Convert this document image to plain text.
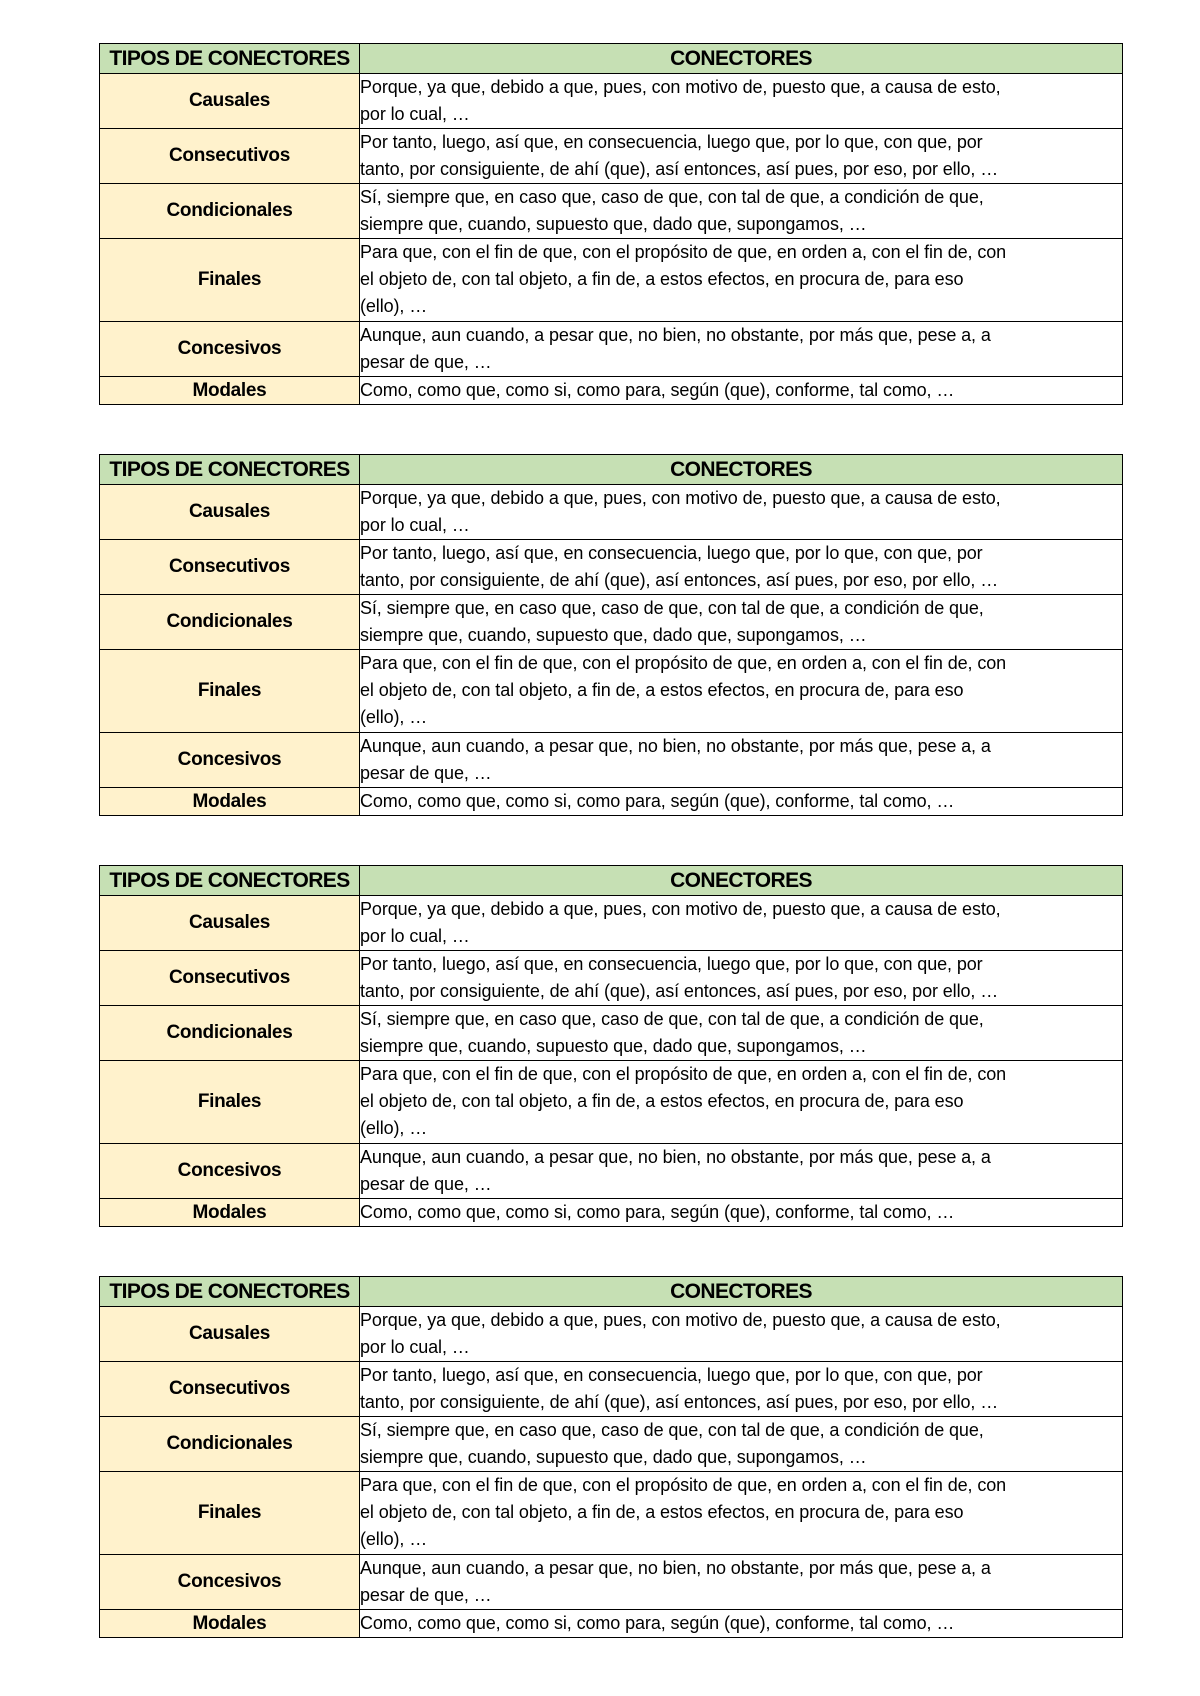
TIPOS DE CONECTORES	CONECTORES
Causales	Porque, ya que, debido a que, pues, con motivo de, puesto que, a causa de esto,
por lo cual, …
Consecutivos	Por tanto, luego, así que, en consecuencia, luego que, por lo que, con que, por
tanto, por consiguiente, de ahí (que), así entonces, así pues, por eso, por ello, …
Condicionales	Sí, siempre que, en caso que, caso de que, con tal de que, a condición de que,
siempre que, cuando, supuesto que, dado que, supongamos, …
Finales	Para que, con el fin de que, con el propósito de que, en orden a, con el fin de, con
el objeto de, con tal objeto, a fin de, a estos efectos, en procura de, para eso
(ello), …
Concesivos	Aunque, aun cuando, a pesar que, no bien, no obstante, por más que, pese a, a
pesar de que, …
Modales	Como, como que, como si, como para, según (que), conforme, tal como, …
TIPOS DE CONECTORES	CONECTORES
Causales	Porque, ya que, debido a que, pues, con motivo de, puesto que, a causa de esto,
por lo cual, …
Consecutivos	Por tanto, luego, así que, en consecuencia, luego que, por lo que, con que, por
tanto, por consiguiente, de ahí (que), así entonces, así pues, por eso, por ello, …
Condicionales	Sí, siempre que, en caso que, caso de que, con tal de que, a condición de que,
siempre que, cuando, supuesto que, dado que, supongamos, …
Finales	Para que, con el fin de que, con el propósito de que, en orden a, con el fin de, con
el objeto de, con tal objeto, a fin de, a estos efectos, en procura de, para eso
(ello), …
Concesivos	Aunque, aun cuando, a pesar que, no bien, no obstante, por más que, pese a, a
pesar de que, …
Modales	Como, como que, como si, como para, según (que), conforme, tal como, …
TIPOS DE CONECTORES	CONECTORES
Causales	Porque, ya que, debido a que, pues, con motivo de, puesto que, a causa de esto,
por lo cual, …
Consecutivos	Por tanto, luego, así que, en consecuencia, luego que, por lo que, con que, por
tanto, por consiguiente, de ahí (que), así entonces, así pues, por eso, por ello, …
Condicionales	Sí, siempre que, en caso que, caso de que, con tal de que, a condición de que,
siempre que, cuando, supuesto que, dado que, supongamos, …
Finales	Para que, con el fin de que, con el propósito de que, en orden a, con el fin de, con
el objeto de, con tal objeto, a fin de, a estos efectos, en procura de, para eso
(ello), …
Concesivos	Aunque, aun cuando, a pesar que, no bien, no obstante, por más que, pese a, a
pesar de que, …
Modales	Como, como que, como si, como para, según (que), conforme, tal como, …
TIPOS DE CONECTORES	CONECTORES
Causales	Porque, ya que, debido a que, pues, con motivo de, puesto que, a causa de esto,
por lo cual, …
Consecutivos	Por tanto, luego, así que, en consecuencia, luego que, por lo que, con que, por
tanto, por consiguiente, de ahí (que), así entonces, así pues, por eso, por ello, …
Condicionales	Sí, siempre que, en caso que, caso de que, con tal de que, a condición de que,
siempre que, cuando, supuesto que, dado que, supongamos, …
Finales	Para que, con el fin de que, con el propósito de que, en orden a, con el fin de, con
el objeto de, con tal objeto, a fin de, a estos efectos, en procura de, para eso
(ello), …
Concesivos	Aunque, aun cuando, a pesar que, no bien, no obstante, por más que, pese a, a
pesar de que, …
Modales	Como, como que, como si, como para, según (que), conforme, tal como, …
